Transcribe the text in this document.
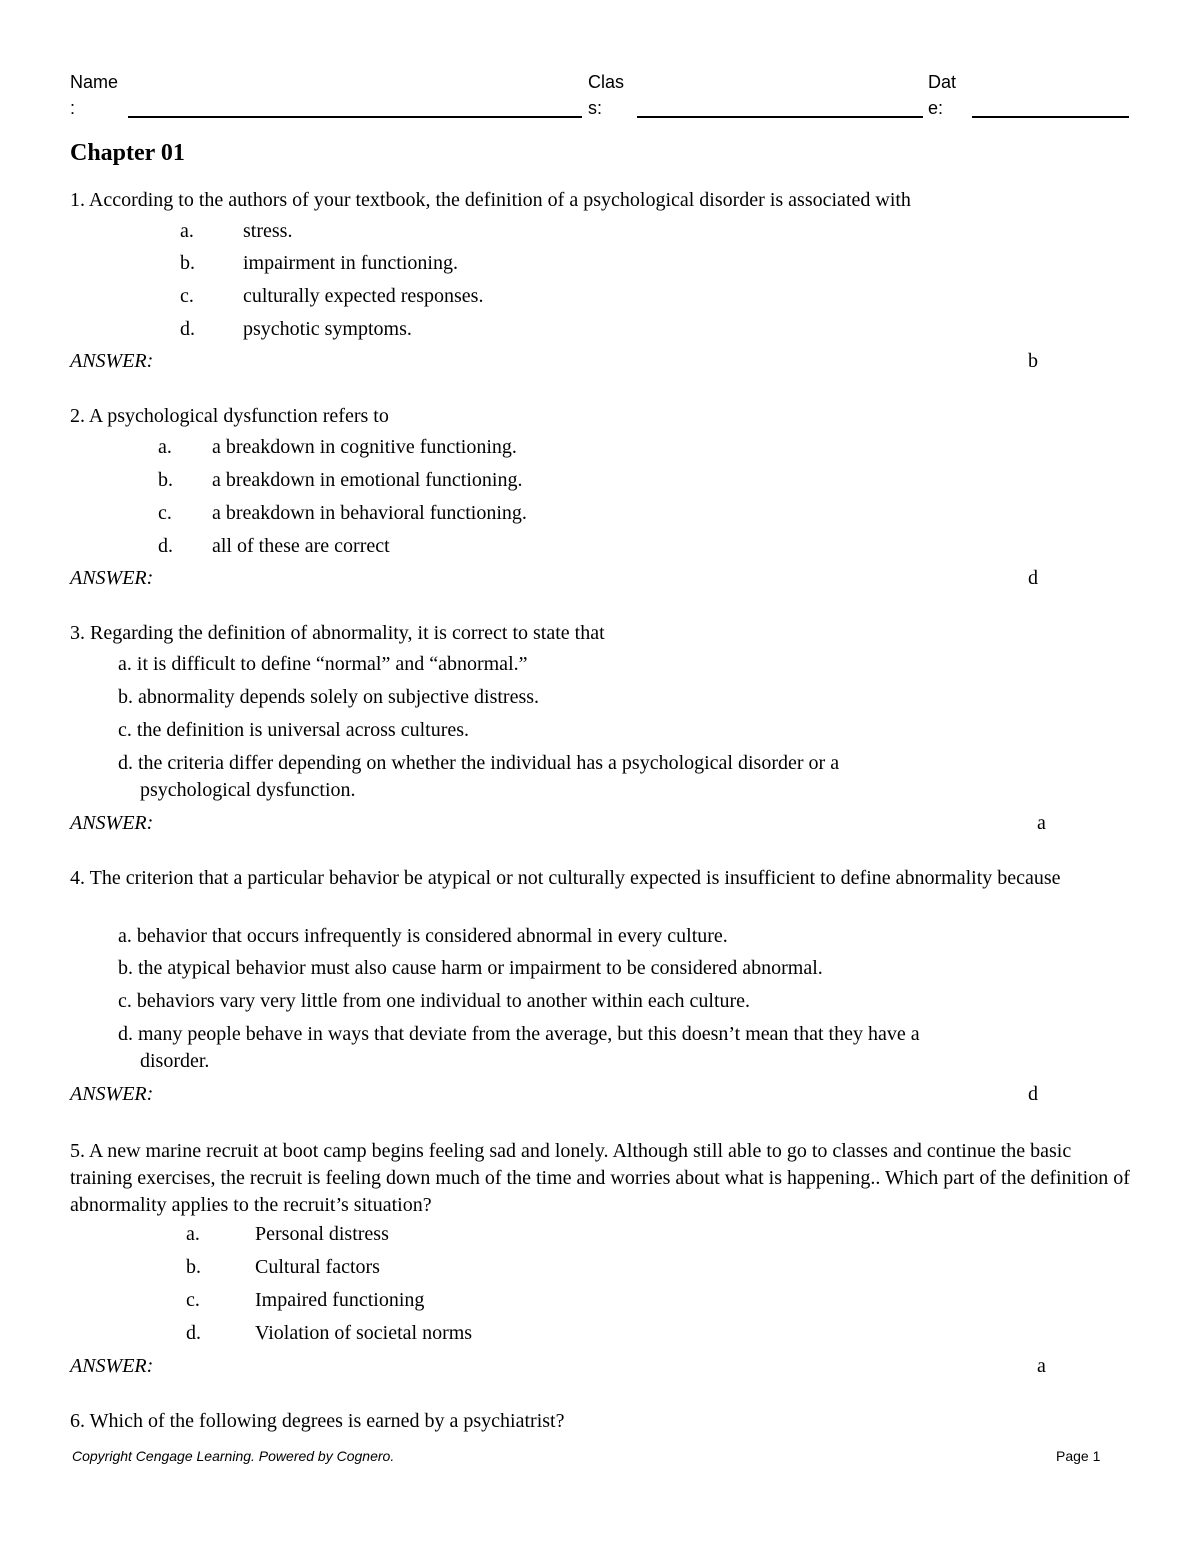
Name
:
Clas
s:
Dat
e:
Chapter 01
1. According to the authors of your textbook, the definition of a psychological disorder is associated with
a. stress.
b. impairment in functioning.
c. culturally expected responses.
d. psychotic symptoms.
ANSWER:	b
2. A psychological dysfunction refers to
a. a breakdown in cognitive functioning.
b. a breakdown in emotional functioning.
c. a breakdown in behavioral functioning.
d. all of these are correct
ANSWER:	d
3. Regarding the definition of abnormality, it is correct to state that
a. it is difficult to define “normal” and “abnormal.”
b. abnormality depends solely on subjective distress.
c. the definition is universal across cultures.
d. the criteria differ depending on whether the individual has a psychological disorder or a
psychological dysfunction.
ANSWER:	a
4. The criterion that a particular behavior be atypical or not culturally expected is insufficient to define abnormality because
a. behavior that occurs infrequently is considered abnormal in every culture.
b. the atypical behavior must also cause harm or impairment to be considered abnormal.
c. behaviors vary very little from one individual to another within each culture.
d. many people behave in ways that deviate from the average, but this doesn’t mean that they have a
disorder.
ANSWER:	d
5. A new marine recruit at boot camp begins feeling sad and lonely. Although still able to go to classes and continue the basic training exercises, the recruit is feeling down much of the time and worries about what is happening.. Which part of the definition of abnormality applies to the recruit’s situation?
a.	Personal distress
b.	Cultural factors
c.	Impaired functioning
d.	Violation of societal norms
ANSWER:	a
6. Which of the following degrees is earned by a psychiatrist?
Copyright Cengage Learning. Powered by Cognero.	Page 1
